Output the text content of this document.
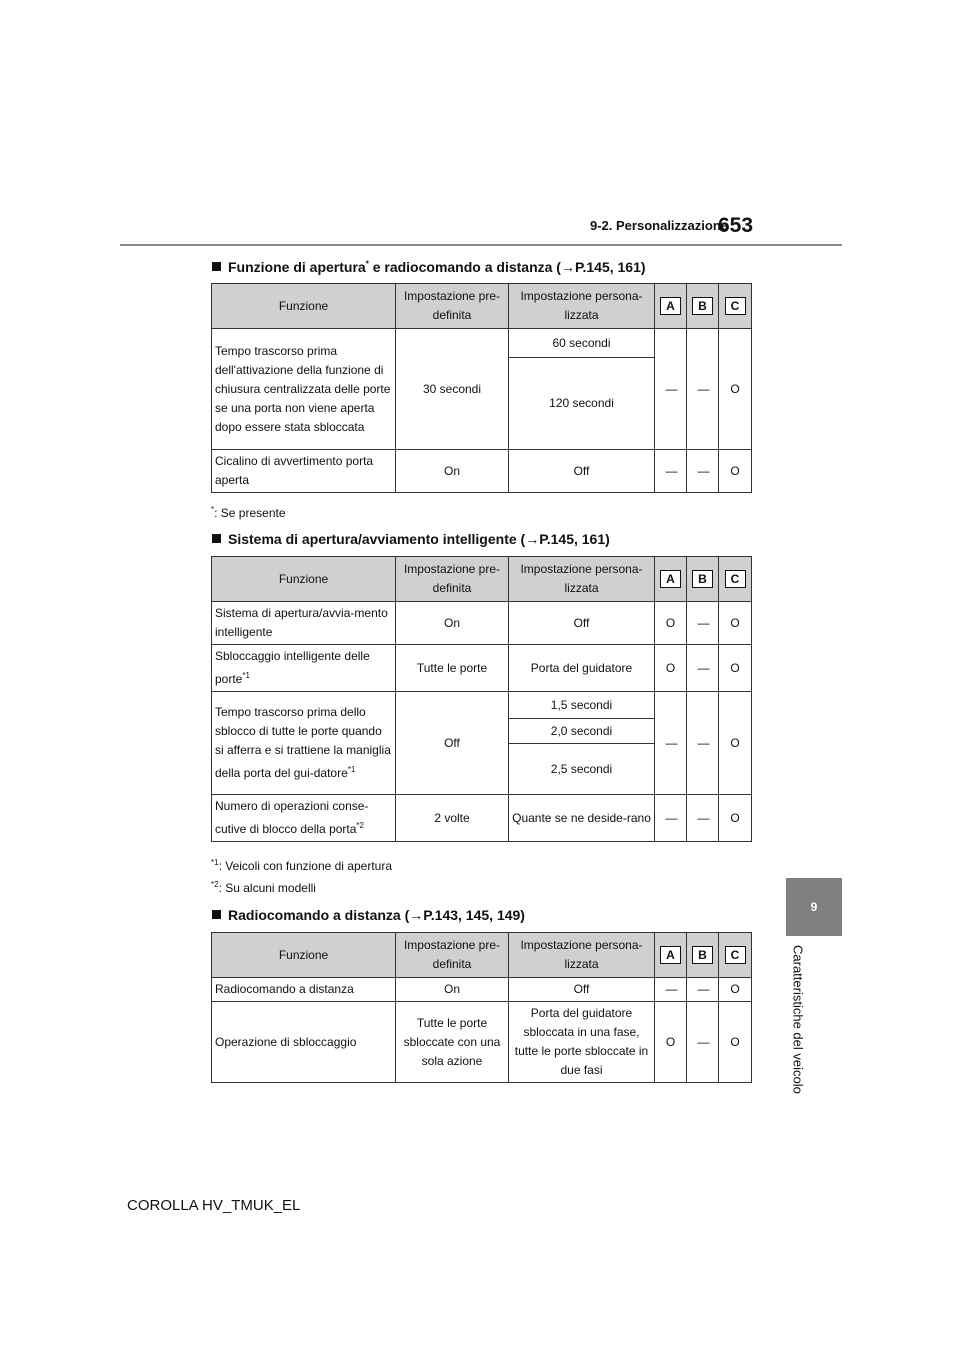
9-2. Personalizzazione
653
9
Caratteristiche del veicolo
Funzione di apertura* e radiocomando a distanza (→P.145, 161)
Funzione	Impostazione pre-definita	Impostazione persona-lizzata	A	B	C
Tempo trascorso prima dell'attivazione della funzione di chiusura centralizzata delle porte se una porta non viene aperta dopo essere stata sbloccata	30 secondi	60 secondi	—	—	O
		120 secondi			
Cicalino di avvertimento porta aperta	On	Off	—	—	O
*: Se presente
Sistema di apertura/avviamento intelligente (→P.145, 161)
Funzione	Impostazione pre-definita	Impostazione persona-lizzata	A	B	C
Sistema di apertura/avvia-mento intelligente	On	Off	O	—	O
Sbloccaggio intelligente delle porte$^{*1}$	Tutte le porte	Porta del guidatore	O	—	O
Tempo trascorso prima dello sblocco di tutte le porte quando si afferra e si trattiene la maniglia della porta del gui-datore$^{*1}$	Off	1,5 secondi	—	—	O
		2,0 secondi			
		2,5 secondi			
Numero di operazioni conse-cutive di blocco della porta$^{*2}$	2 volte	Quante se ne deside-rano	—	—	O
$^{*1}$: Veicoli con funzione di apertura
$^{*2}$: Su alcuni modelli
Radiocomando a distanza (→P.143, 145, 149)
Funzione	Impostazione pre-definita	Impostazione persona-lizzata	A	B	C
Radiocomando a distanza	On	Off	—	—	O
Operazione di sbloccaggio	Tutte le porte sbloccate con una sola azione	Porta del guidatore sbloccata in una fase, tutte le porte sbloccate in due fasi	O	—	O
COROLLA HV_TMUK_EL
